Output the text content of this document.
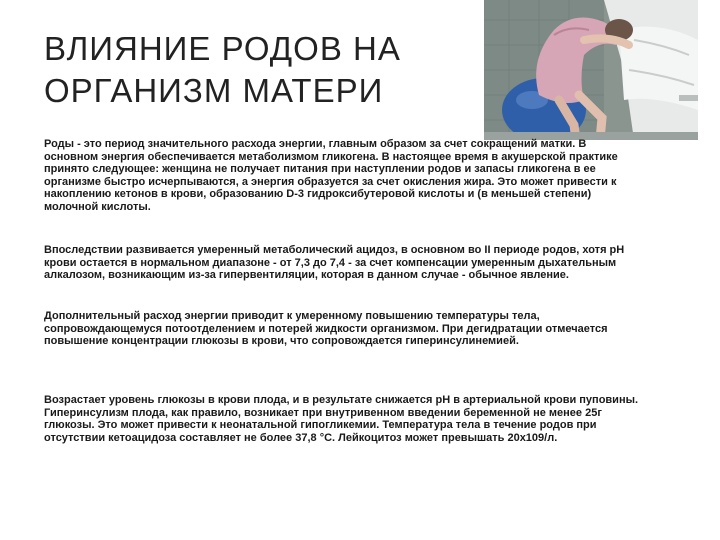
ВЛИЯНИЕ РОДОВ НА
ОРГАНИЗМ МАТЕРИ

Роды - это период значительного расхода энергии, главным образом за счет сокращений матки. В основном энергия обеспечивается метаболизмом гликогена. В настоящее время в акушерской практике принято следующее: женщина не получает питания при наступлении родов и запасы гликогена в ее организме быстро исчерпываются, а энергия образуется за счет окисления жира. Это может привести к накоплению кетонов в крови, образованию D-3 гидроксибутеровой кислоты и (в меньшей степени) молочной кислоты.

Впоследствии развивается умеренный метаболический ацидоз, в основном во II периоде родов, хотя pH крови остается в нормальном диапазоне - от 7,3 до 7,4 - за счет компенсации умеренным дыхательным алкалозом, возникающим из-за гипервентиляции, которая в данном случае - обычное явление.

Дополнительный расход энергии приводит к умеренному повышению температуры тела, сопровождающемуся потоотделением и потерей жидкости организмом. При дегидратации отмечается повышение концентрации глюкозы в крови, что сопровождается гиперинсулинемией.

Возрастает уровень глюкозы в крови плода, и в результате снижается pH в артериальной крови пуповины. Гиперинсулизм плода, как правило, возникает при внутривенном введении беременной не менее 25г глюкозы. Это может привести к неонатальной гипогликемии. Температура тела в течение родов при отсутствии кетоацидоза составляет не более 37,8 °С. Лейкоцитоз может превышать 20x109/л.
